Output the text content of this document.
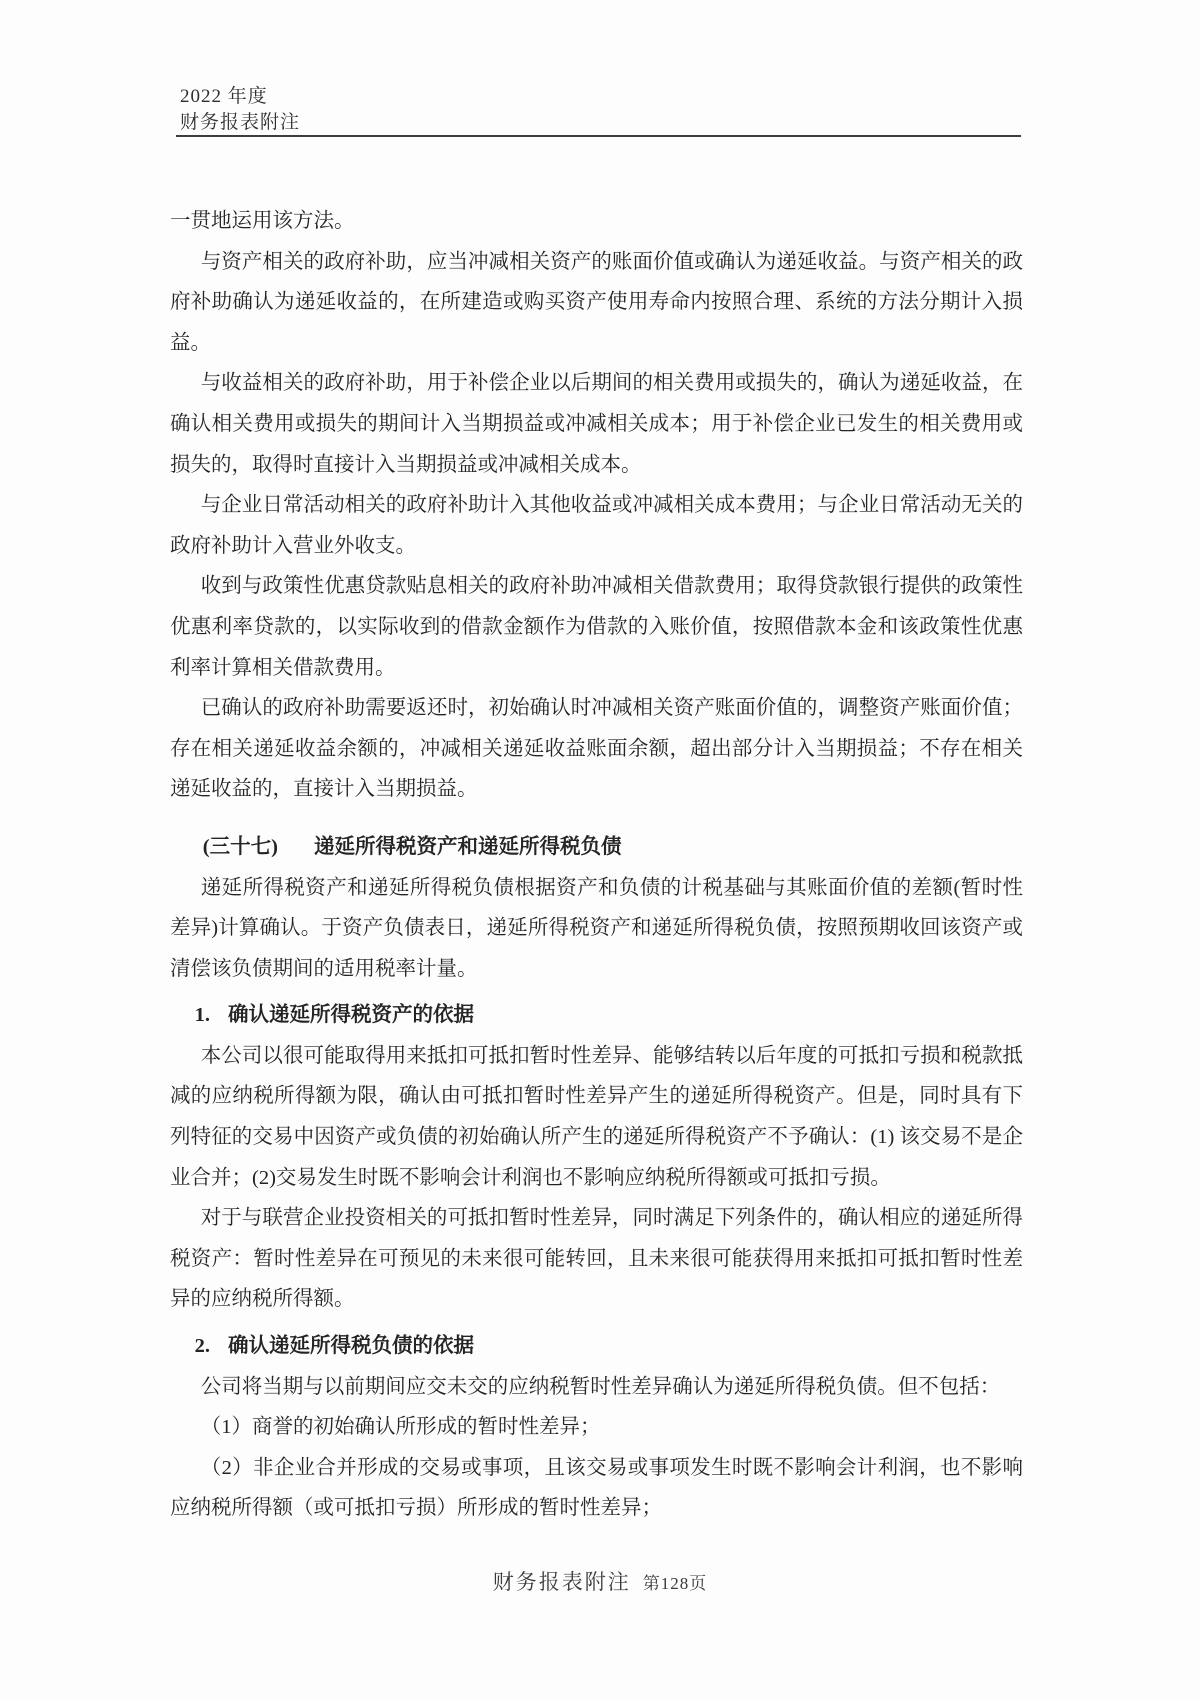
2022 年度
财务报表附注

一贯地运用该方法。

与资产相关的政府补助，应当冲减相关资产的账面价值或确认为递延收益。与资产相关的政府补助确认为递延收益的，在所建造或购买资产使用寿命内按照合理、系统的方法分期计入损益。

与收益相关的政府补助，用于补偿企业以后期间的相关费用或损失的，确认为递延收益，在确认相关费用或损失的期间计入当期损益或冲减相关成本；用于补偿企业已发生的相关费用或损失的，取得时直接计入当期损益或冲减相关成本。

与企业日常活动相关的政府补助计入其他收益或冲减相关成本费用；与企业日常活动无关的政府补助计入营业外收支。

收到与政策性优惠贷款贴息相关的政府补助冲减相关借款费用；取得贷款银行提供的政策性优惠利率贷款的，以实际收到的借款金额作为借款的入账价值，按照借款本金和该政策性优惠利率计算相关借款费用。

已确认的政府补助需要返还时，初始确认时冲减相关资产账面价值的，调整资产账面价值；存在相关递延收益余额的，冲减相关递延收益账面余额，超出部分计入当期损益；不存在相关递延收益的，直接计入当期损益。

(三十七) 递延所得税资产和递延所得税负债

递延所得税资产和递延所得税负债根据资产和负债的计税基础与其账面价值的差额(暂时性差异)计算确认。于资产负债表日，递延所得税资产和递延所得税负债，按照预期收回该资产或清偿该负债期间的适用税率计量。

1. 确认递延所得税资产的依据

本公司以很可能取得用来抵扣可抵扣暂时性差异、能够结转以后年度的可抵扣亏损和税款抵减的应纳税所得额为限，确认由可抵扣暂时性差异产生的递延所得税资产。但是，同时具有下列特征的交易中因资产或负债的初始确认所产生的递延所得税资产不予确认：(1) 该交易不是企业合并；(2)交易发生时既不影响会计利润也不影响应纳税所得额或可抵扣亏损。

对于与联营企业投资相关的可抵扣暂时性差异，同时满足下列条件的，确认相应的递延所得税资产：暂时性差异在可预见的未来很可能转回，且未来很可能获得用来抵扣可抵扣暂时性差异的应纳税所得额。

2. 确认递延所得税负债的依据

公司将当期与以前期间应交未交的应纳税暂时性差异确认为递延所得税负债。但不包括：

（1）商誉的初始确认所形成的暂时性差异；

（2）非企业合并形成的交易或事项，且该交易或事项发生时既不影响会计利润，也不影响应纳税所得额（或可抵扣亏损）所形成的暂时性差异；

财务报表附注 第128页
